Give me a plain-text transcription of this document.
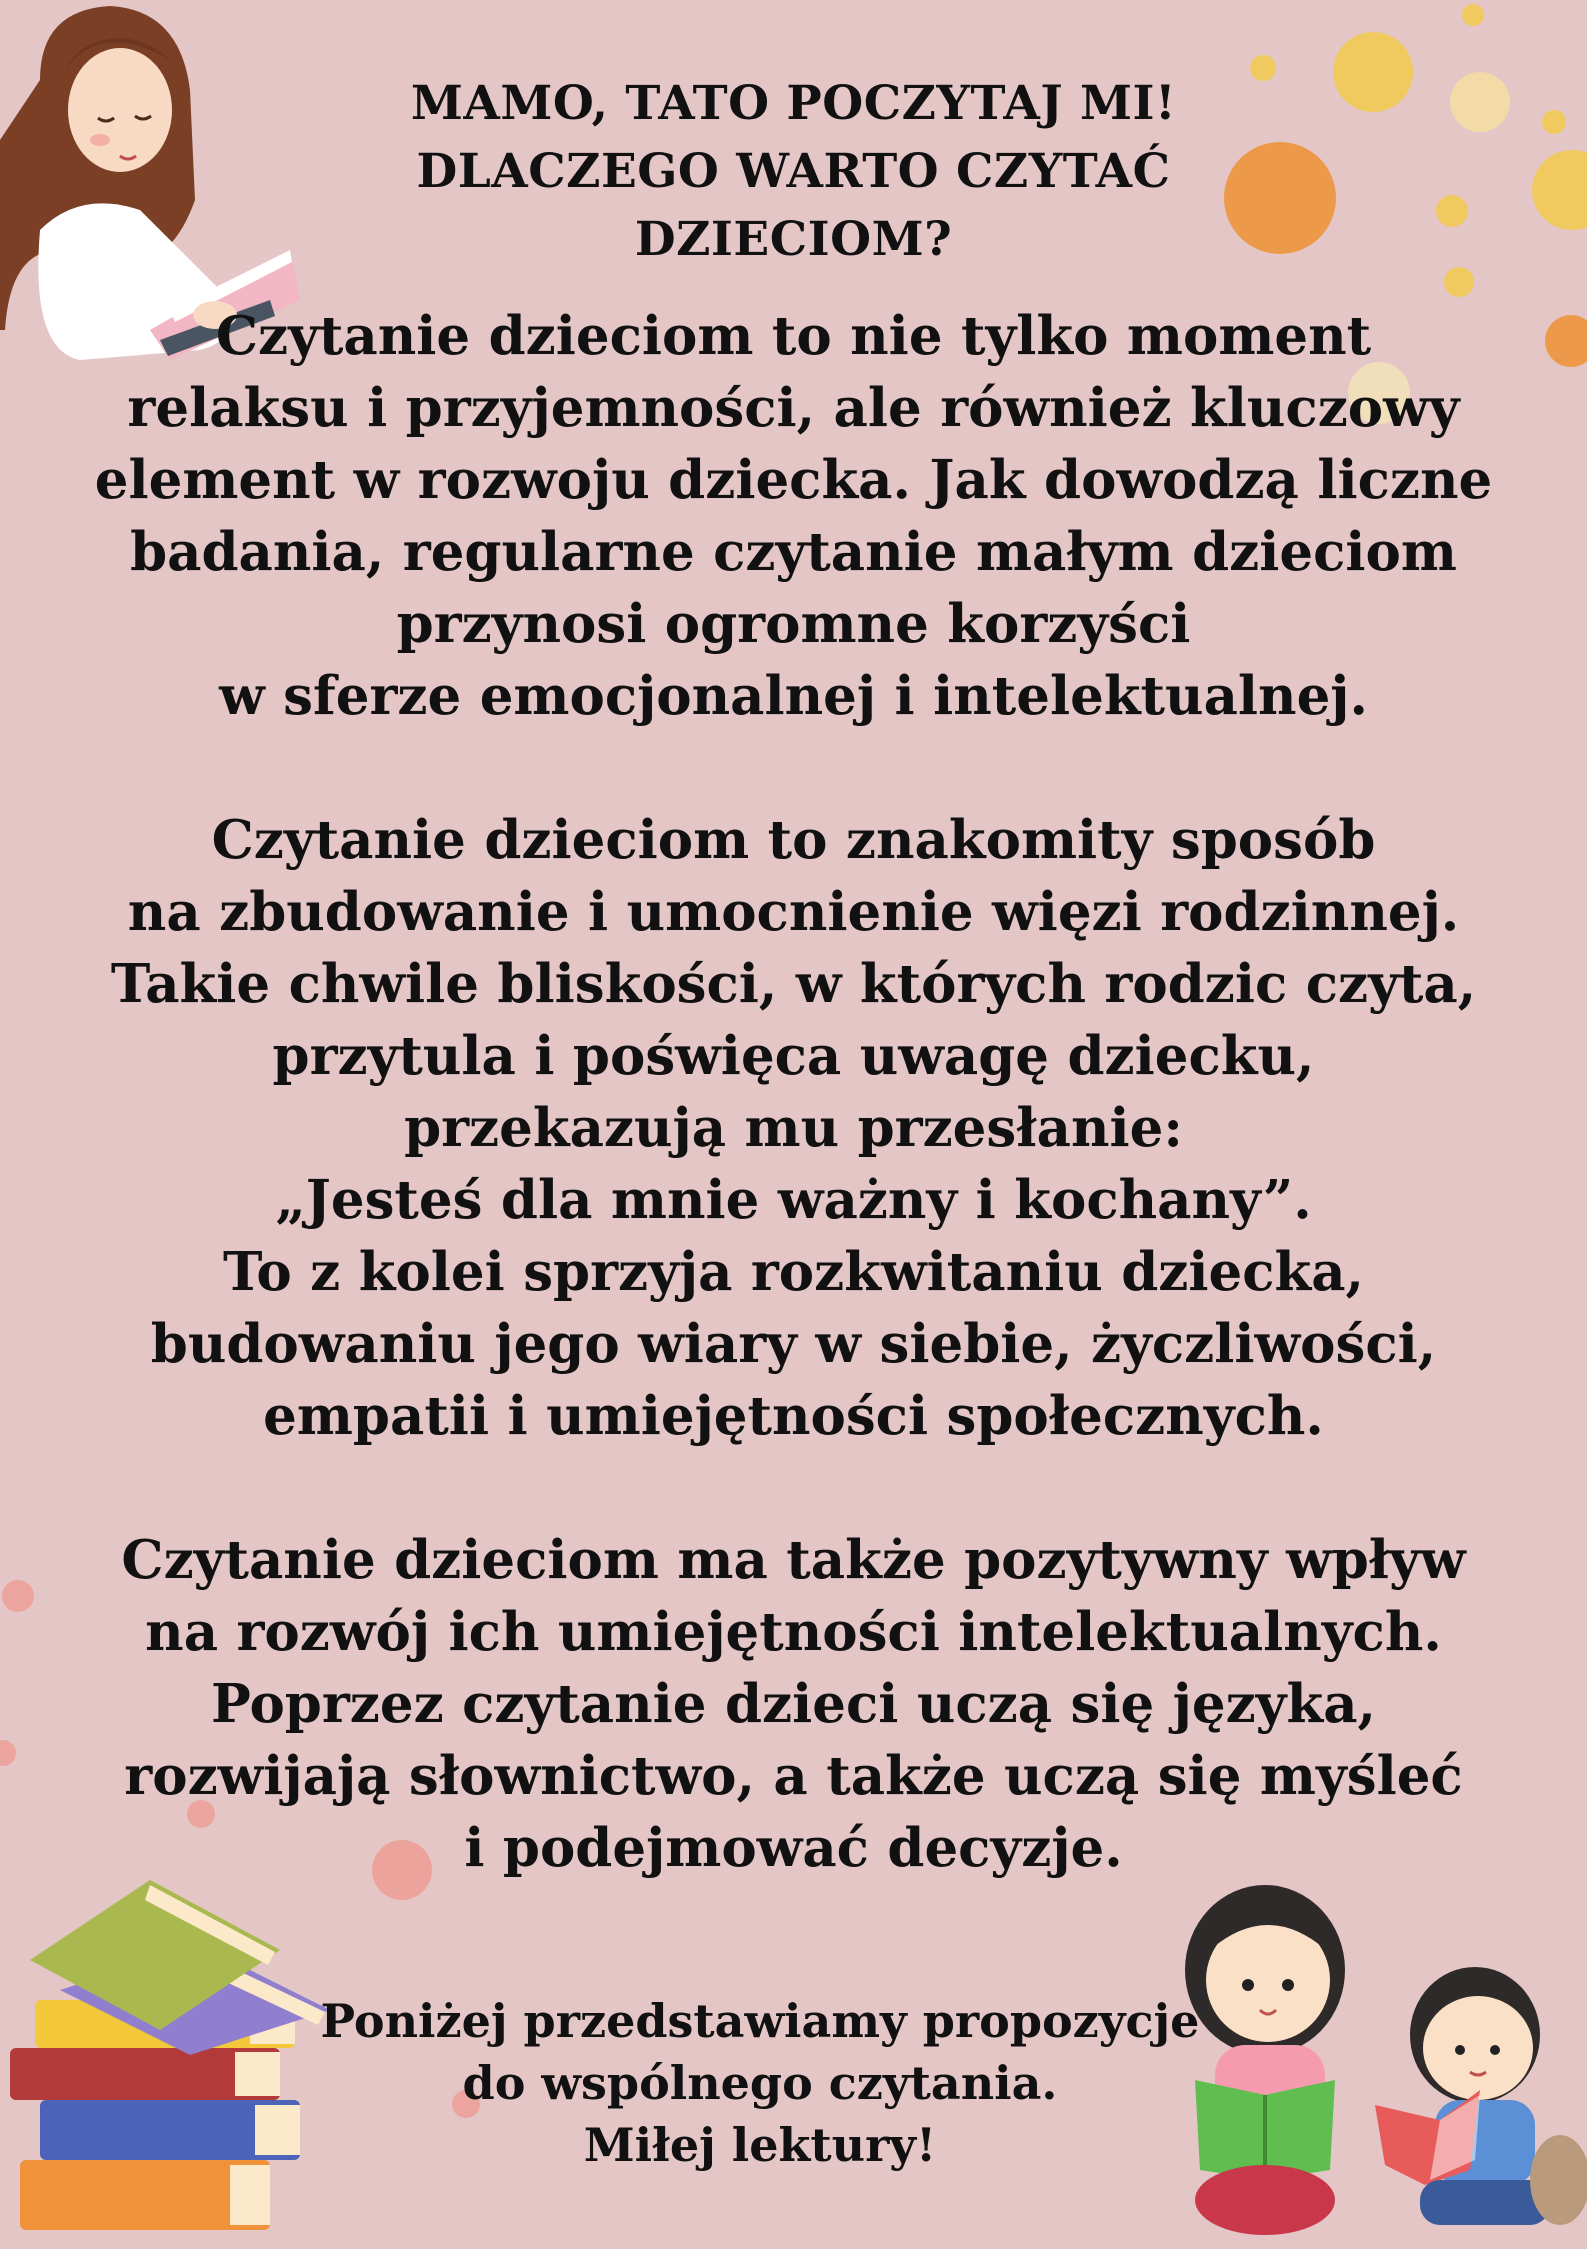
MAMO, TATO POCZYTAJ MI!
DLACZEGO WARTO CZYTAĆ
DZIECIOM?
Czytanie dzieciom to nie tylko moment
relaksu i przyjemności, ale również kluczowy
element w rozwoju dziecka. Jak dowodzą liczne
badania, regularne czytanie małym dzieciom
przynosi ogromne korzyści
w sferze emocjonalnej i intelektualnej.
Czytanie dzieciom to znakomity sposób
na zbudowanie i umocnienie więzi rodzinnej.
Takie chwile bliskości, w których rodzic czyta,
przytula i poświęca uwagę dziecku,
przekazują mu przesłanie:
„Jesteś dla mnie ważny i kochany”.
To z kolei sprzyja rozkwitaniu dziecka,
budowaniu jego wiary w siebie, życzliwości,
empatii i umiejętności społecznych.
Czytanie dzieciom ma także pozytywny wpływ
na rozwój ich umiejętności intelektualnych.
Poprzez czytanie dzieci uczą się języka,
rozwijają słownictwo, a także uczą się myśleć
i podejmować decyzje.
Poniżej przedstawiamy propozycje
do wspólnego czytania.
Miłej lektury!
